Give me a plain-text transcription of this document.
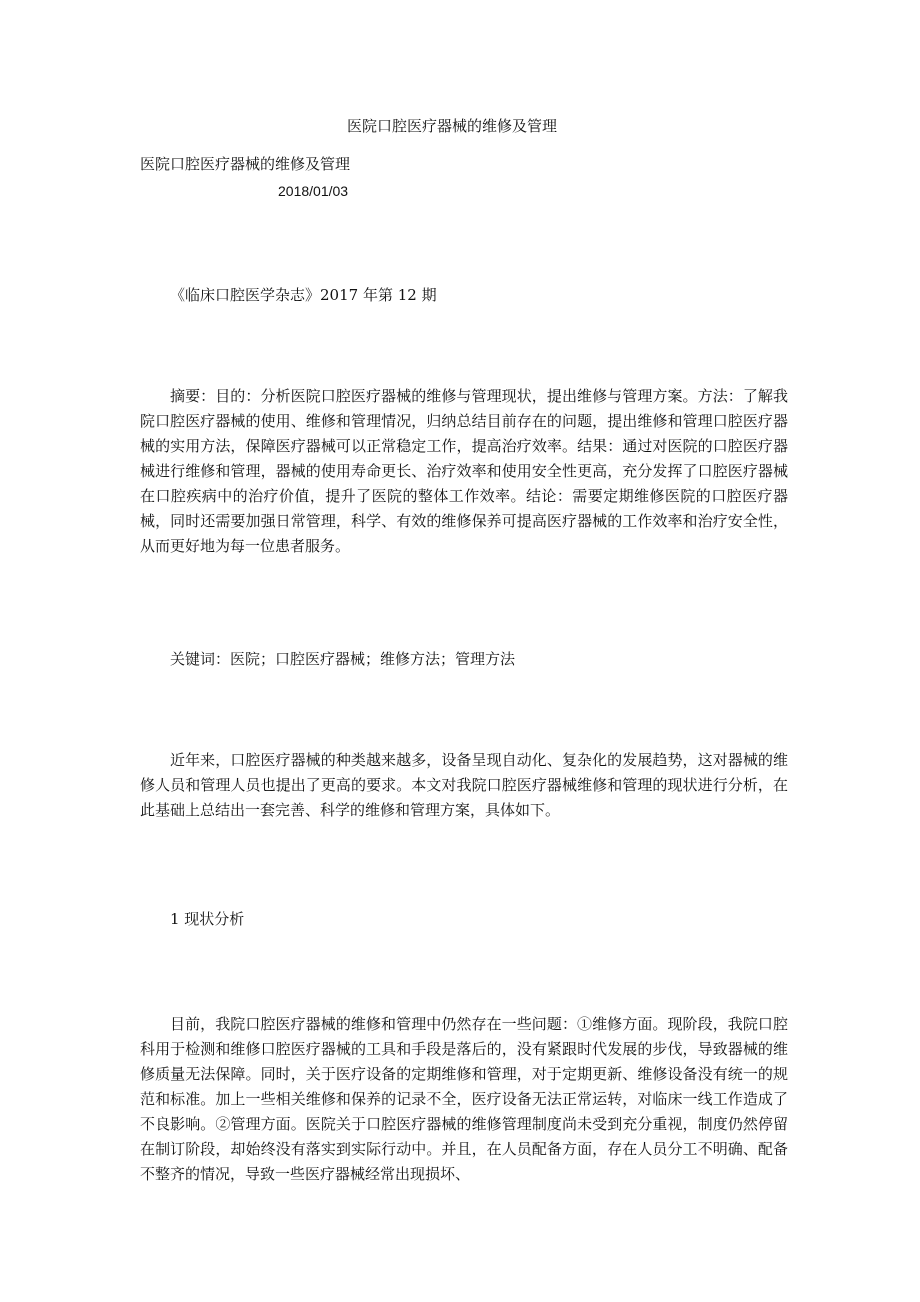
医院口腔医疗器械的维修及管理
医院口腔医疗器械的维修及管理
2018/01/03
《临床口腔医学杂志》2017 年第 12 期
摘要：目的：分析医院口腔医疗器械的维修与管理现状，提出维修与管理方案。方法：了解我院口腔医疗器械的使用、维修和管理情况，归纳总结目前存在的问题，提出维修和管理口腔医疗器械的实用方法，保障医疗器械可以正常稳定工作，提高治疗效率。结果：通过对医院的口腔医疗器械进行维修和管理，器械的使用寿命更长、治疗效率和使用安全性更高，充分发挥了口腔医疗器械在口腔疾病中的治疗价值，提升了医院的整体工作效率。结论：需要定期维修医院的口腔医疗器械，同时还需要加强日常管理，科学、有效的维修保养可提高医疗器械的工作效率和治疗安全性，从而更好地为每一位患者服务。
关键词：医院；口腔医疗器械；维修方法；管理方法
近年来，口腔医疗器械的种类越来越多，设备呈现自动化、复杂化的发展趋势，这对器械的维修人员和管理人员也提出了更高的要求。本文对我院口腔医疗器械维修和管理的现状进行分析，在此基础上总结出一套完善、科学的维修和管理方案，具体如下。
1 现状分析
目前，我院口腔医疗器械的维修和管理中仍然存在一些问题：①维修方面。现阶段，我院口腔科用于检测和维修口腔医疗器械的工具和手段是落后的，没有紧跟时代发展的步伐，导致器械的维修质量无法保障。同时，关于医疗设备的定期维修和管理，对于定期更新、维修设备没有统一的规范和标准。加上一些相关维修和保养的记录不全，医疗设备无法正常运转，对临床一线工作造成了不良影响。②管理方面。医院关于口腔医疗器械的维修管理制度尚未受到充分重视，制度仍然停留在制订阶段，却始终没有落实到实际行动中。并且，在人员配备方面，存在人员分工不明确、配备不整齐的情况，导致一些医疗器械经常出现损坏、
